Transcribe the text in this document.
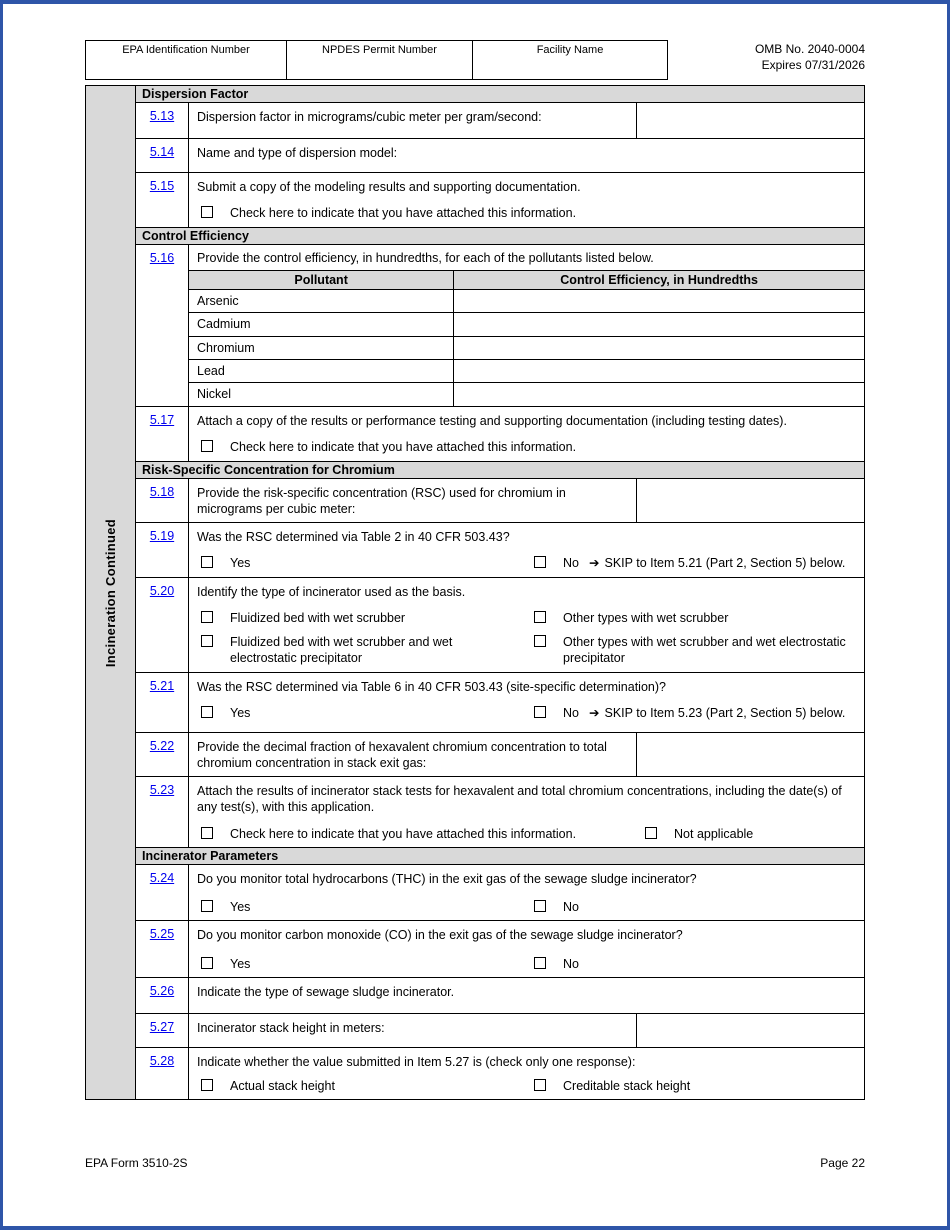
EPA Identification Number	NPDES Permit Number	Facility Name	OMB No. 2040-0004
Expires 07/31/2026
Incineration Continued
Dispersion Factor
5.13	Dispersion factor in micrograms/cubic meter per gram/second:
5.14	Name and type of dispersion model:
5.15	Submit a copy of the modeling results and supporting documentation.
Check here to indicate that you have attached this information.
Control Efficiency
5.16	Provide the control efficiency, in hundredths, for each of the pollutants listed below.
Pollutant	Control Efficiency, in Hundredths
Arsenic
Cadmium
Chromium
Lead
Nickel
5.17	Attach a copy of the results or performance testing and supporting documentation (including testing dates).
Check here to indicate that you have attached this information.
Risk-Specific Concentration for Chromium
5.18	Provide the risk-specific concentration (RSC) used for chromium in micrograms per cubic meter:
5.19	Was the RSC determined via Table 2 in 40 CFR 503.43?
Yes	No ➔ SKIP to Item 5.21 (Part 2, Section 5) below.
5.20	Identify the type of incinerator used as the basis.
Fluidized bed with wet scrubber	Other types with wet scrubber
Fluidized bed with wet scrubber and wet electrostatic precipitator
Other types with wet scrubber and wet electrostatic precipitator
5.21	Was the RSC determined via Table 6 in 40 CFR 503.43 (site-specific determination)?
Yes	No ➔ SKIP to Item 5.23 (Part 2, Section 5) below.
5.22	Provide the decimal fraction of hexavalent chromium concentration to total chromium concentration in stack exit gas:
5.23	Attach the results of incinerator stack tests for hexavalent and total chromium concentrations, including the date(s) of any test(s), with this application.
Check here to indicate that you have attached this information.	Not applicable
Incinerator Parameters
5.24	Do you monitor total hydrocarbons (THC) in the exit gas of the sewage sludge incinerator?
Yes	No
5.25	Do you monitor carbon monoxide (CO) in the exit gas of the sewage sludge incinerator?
Yes	No
5.26	Indicate the type of sewage sludge incinerator.
5.27	Incinerator stack height in meters:
5.28	Indicate whether the value submitted in Item 5.27 is (check only one response):
Actual stack height	Creditable stack height
EPA Form 3510-2S	Page 22
